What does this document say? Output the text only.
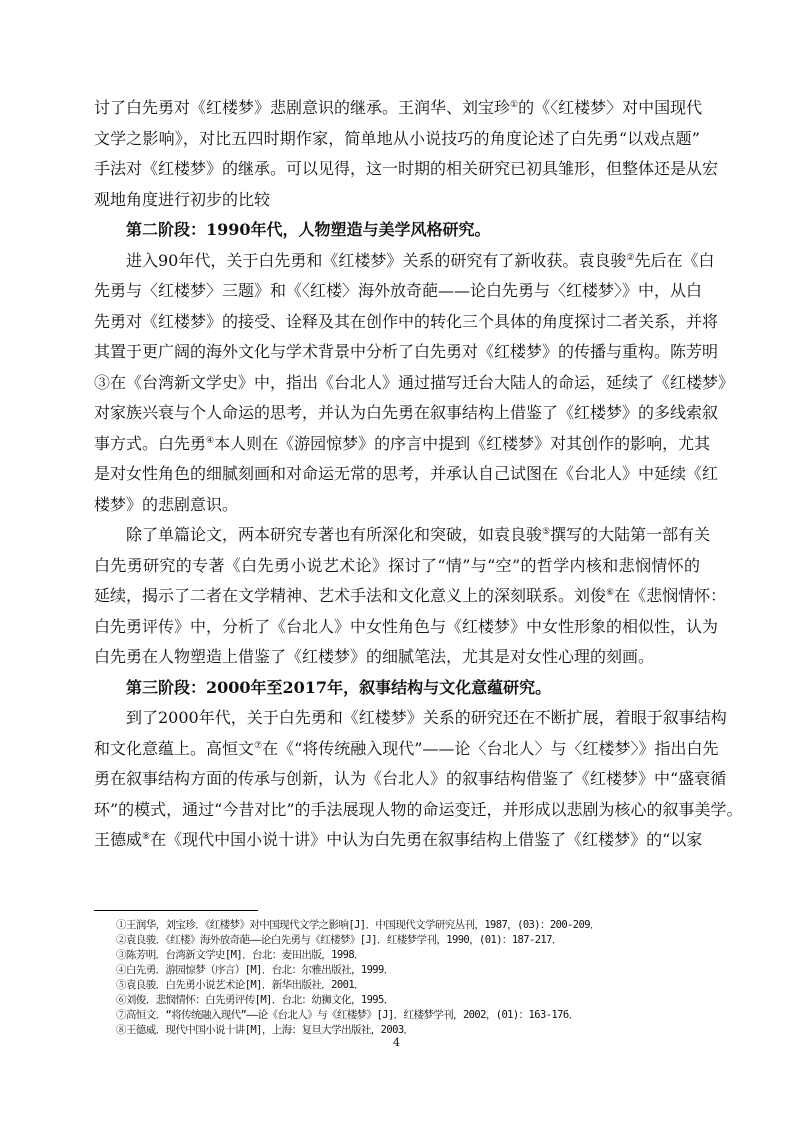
讨了白先勇对《红楼梦》悲剧意识的继承。王润华、刘宝珍①的《〈红楼梦〉对中国现代
文学之影响》，对比五四时期作家，简单地从小说技巧的角度论述了白先勇“以戏点题”
手法对《红楼梦》的继承。可以见得，这一时期的相关研究已初具雏形，但整体还是从宏
观地角度进行初步的比较
第二阶段：1990年代，人物塑造与美学风格研究。
进入90年代，关于白先勇和《红楼梦》关系的研究有了新收获。袁良骏②先后在《白
先勇与〈红楼梦〉三题》和《〈红楼〉海外放奇葩——论白先勇与〈红楼梦〉》中，从白
先勇对《红楼梦》的接受、诠释及其在创作中的转化三个具体的角度探讨二者关系，并将
其置于更广阔的海外文化与学术背景中分析了白先勇对《红楼梦》的传播与重构。陈芳明
③在《台湾新文学史》中，指出《台北人》通过描写迁台大陆人的命运，延续了《红楼梦》
对家族兴衰与个人命运的思考，并认为白先勇在叙事结构上借鉴了《红楼梦》的多线索叙
事方式。白先勇④本人则在《游园惊梦》的序言中提到《红楼梦》对其创作的影响，尤其
是对女性角色的细腻刻画和对命运无常的思考，并承认自己试图在《台北人》中延续《红
楼梦》的悲剧意识。
除了单篇论文，两本研究专著也有所深化和突破，如袁良骏⑤撰写的大陆第一部有关
白先勇研究的专著《白先勇小说艺术论》探讨了“情”与“空”的哲学内核和悲悯情怀的
延续，揭示了二者在文学精神、艺术手法和文化意义上的深刻联系。刘俊⑥在《悲悯情怀：
白先勇评传》中，分析了《台北人》中女性角色与《红楼梦》中女性形象的相似性，认为
白先勇在人物塑造上借鉴了《红楼梦》的细腻笔法，尤其是对女性心理的刻画。
第三阶段：2000年至2017年，叙事结构与文化意蕴研究。
到了2000年代，关于白先勇和《红楼梦》关系的研究还在不断扩展，着眼于叙事结构
和文化意蕴上。高恒文⑦在《“将传统融入现代”——论〈台北人〉与〈红楼梦〉》指出白先
勇在叙事结构方面的传承与创新，认为《台北人》的叙事结构借鉴了《红楼梦》中“盛衰循
环”的模式，通过“今昔对比”的手法展现人物的命运变迁，并形成以悲剧为核心的叙事美学。
王德威⑧在《现代中国小说十讲》中认为白先勇在叙事结构上借鉴了《红楼梦》的“以家
①王润华，刘宝珍．《红楼梦》对中国现代文学之影响[J]．中国现代文学研究丛刊，1987，(03)：200-209．
②袁良骏．《红楼》海外放奇葩——论白先勇与《红楼梦》[J]．红楼梦学刊，1990，(01)：187-217．
③陈芳明．台湾新文学史[M]．台北：麦田出版，1998．
④白先勇．游园惊梦（序言）[M]．台北：尔雅出版社，1999．
⑤袁良骏．白先勇小说艺术论[M]．新华出版社．2001．
⑥刘俊．悲悯情怀：白先勇评传[M]．台北：幼狮文化，1995．
⑦高恒文．“将传统融入现代”——论《台北人》与《红楼梦》[J]．红楼梦学刊，2002，(01)：163-176．
⑧王德威．现代中国小说十讲[M]，上海：复旦大学出版社，2003．
4
